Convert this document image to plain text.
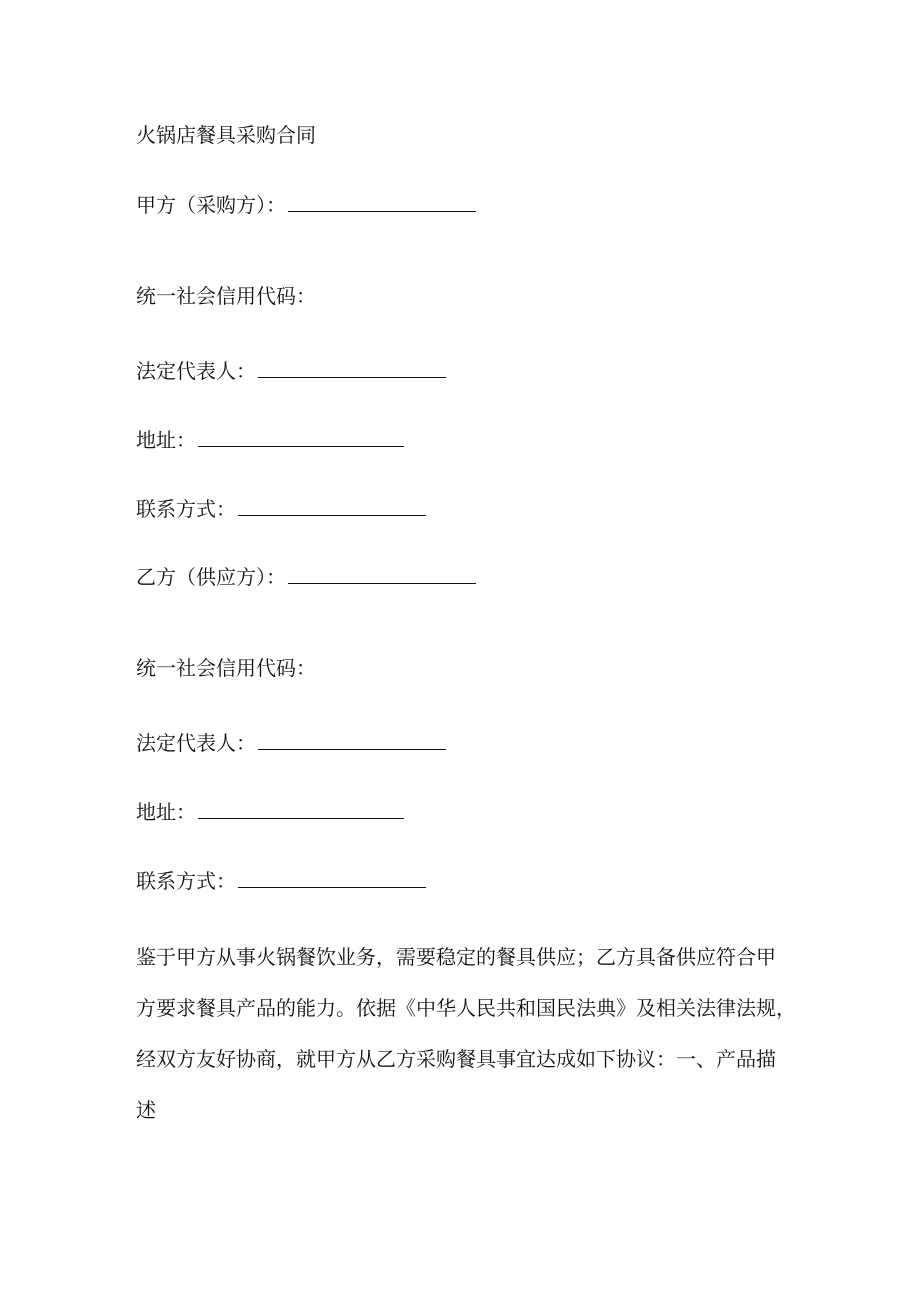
火锅店餐具采购合同
甲方（采购方）：
统一社会信用代码：
法定代表人：
地址：
联系方式：
乙方（供应方）：
统一社会信用代码：
法定代表人：
地址：
联系方式：
鉴于甲方从事火锅餐饮业务，需要稳定的餐具供应；乙方具备供应符合甲
方要求餐具产品的能力。依据《中华人民共和国民法典》及相关法律法规，
经双方友好协商，就甲方从乙方采购餐具事宜达成如下协议：一、产品描
述
